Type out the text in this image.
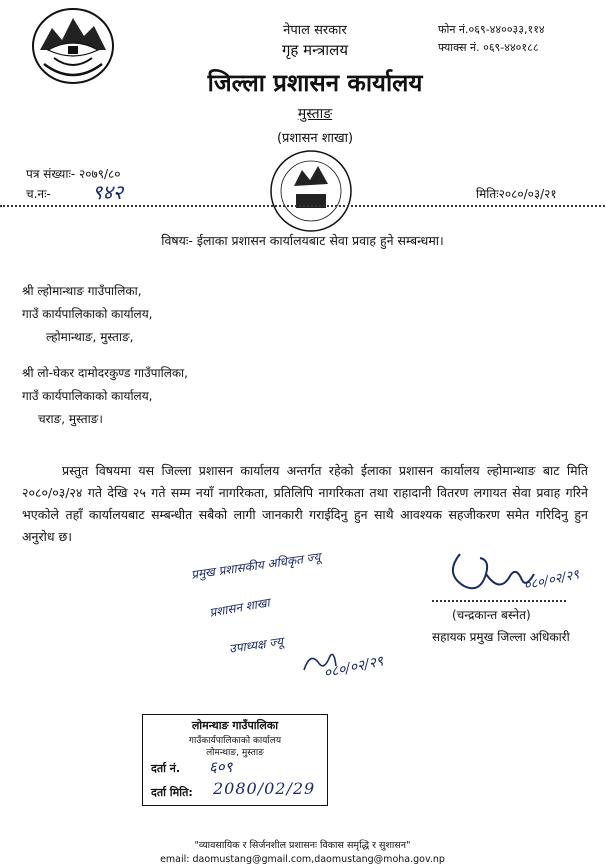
नेपाल सरकार
गृह मन्त्रालय
जिल्ला प्रशासन कार्यालय
मुस्ताङ
(प्रशासन शाखा)
फोन नं.०६९-४४००३३,११४
फ्याक्स नं. ०६९-४४०१८८
पत्र संख्याः- २०७९/८०
च.नः- ९४२	मितिः२०८०/०३/२१
विषयः- ईलाका प्रशासन कार्यालयबाट सेवा प्रवाह हुने सम्बन्धमा।
श्री ल्होमान्थाङ गाउँपालिका,
गाउँ कार्यपालिकाको कार्यालय,
ल्होमान्थाङ, मुस्ताङ,
श्री लो-घेकर दामोदरकुण्ड गाउँपालिका,
गाउँ कार्यपालिकाको कार्यालय,
चराङ, मुस्ताङ।
प्रस्तुत विषयमा यस जिल्ला प्रशासन कार्यालय अन्तर्गत रहेको ईलाका प्रशासन कार्यालय ल्होमान्थाङ बाट मिति २०८०/०३/२४ गते देखि २५ गते सम्म नयाँ नागरिकता, प्रतिलिपि नागरिकता तथा राहादानी वितरण लगायत सेवा प्रवाह गरिने भएकोले तहाँ कार्यालयबाट सम्बन्धीत सबैको लागी जानकारी गराईदिनु हुन साथै आवश्यक सहजीकरण समेत गरिदिनु हुन अनुरोध छ।
प्रमुख प्रशासकीय अधिकृत ज्यू
प्रशासन शाखा
उपाध्यक्ष ज्यू
०८०/०२/२९
०८०/०२/२९
(चन्द्रकान्त बस्नेत)
सहायक प्रमुख जिल्ला अधिकारी
लोमन्थाङ गाउँपालिका
गाउँकार्यपालिकाको कार्यालय
लोमन्थाङ, मुस्ताङ
दर्ता नं. ६०९
दर्ता मिति: 2080/02/29
"व्यावसायिक र सिर्जनशील प्रशासनः विकास समृद्धि र सुशासन"
email: daomustang@gmail.com,daomustang@moha.gov.np
